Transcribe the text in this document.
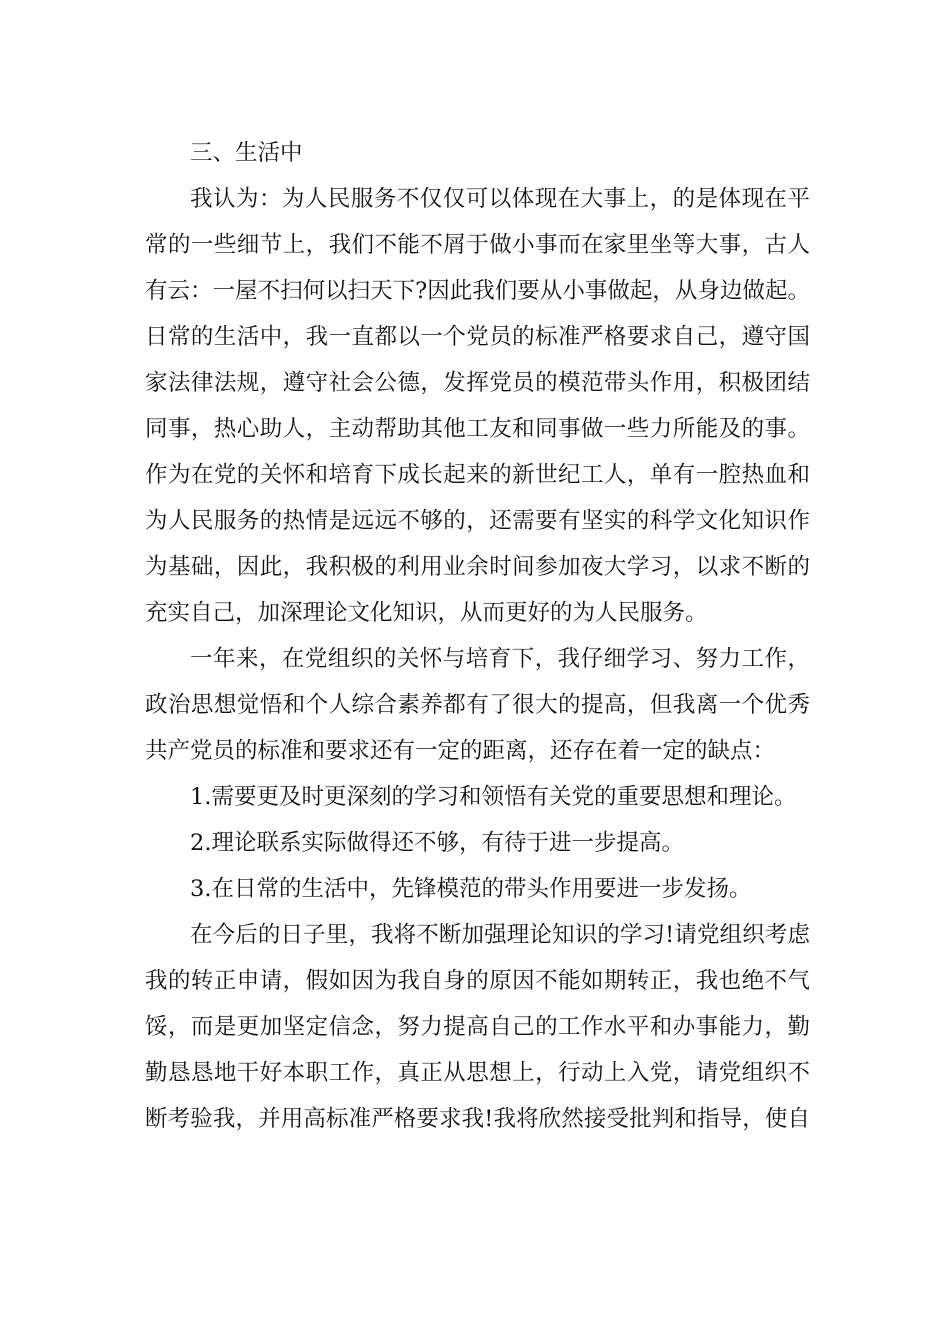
三、生活中
我认为：为人民服务不仅仅可以体现在大事上，的是体现在平
常的一些细节上，我们不能不屑于做小事而在家里坐等大事，古人
有云：一屋不扫何以扫天下?因此我们要从小事做起，从身边做起。
日常的生活中，我一直都以一个党员的标准严格要求自己，遵守国
家法律法规，遵守社会公德，发挥党员的模范带头作用，积极团结
同事，热心助人，主动帮助其他工友和同事做一些力所能及的事。
作为在党的关怀和培育下成长起来的新世纪工人，单有一腔热血和
为人民服务的热情是远远不够的，还需要有坚实的科学文化知识作
为基础，因此，我积极的利用业余时间参加夜大学习，以求不断的
充实自己，加深理论文化知识，从而更好的为人民服务。
一年来，在党组织的关怀与培育下，我仔细学习、努力工作，
政治思想觉悟和个人综合素养都有了很大的提高，但我离一个优秀
共产党员的标准和要求还有一定的距离，还存在着一定的缺点：
1.需要更及时更深刻的学习和领悟有关党的重要思想和理论。
2.理论联系实际做得还不够，有待于进一步提高。
3.在日常的生活中，先锋模范的带头作用要进一步发扬。
在今后的日子里，我将不断加强理论知识的学习!请党组织考虑
我的转正申请，假如因为我自身的原因不能如期转正，我也绝不气
馁，而是更加坚定信念，努力提高自己的工作水平和办事能力，勤
勤恳恳地干好本职工作，真正从思想上，行动上入党，请党组织不
断考验我，并用高标准严格要求我!我将欣然接受批判和指导，使自
